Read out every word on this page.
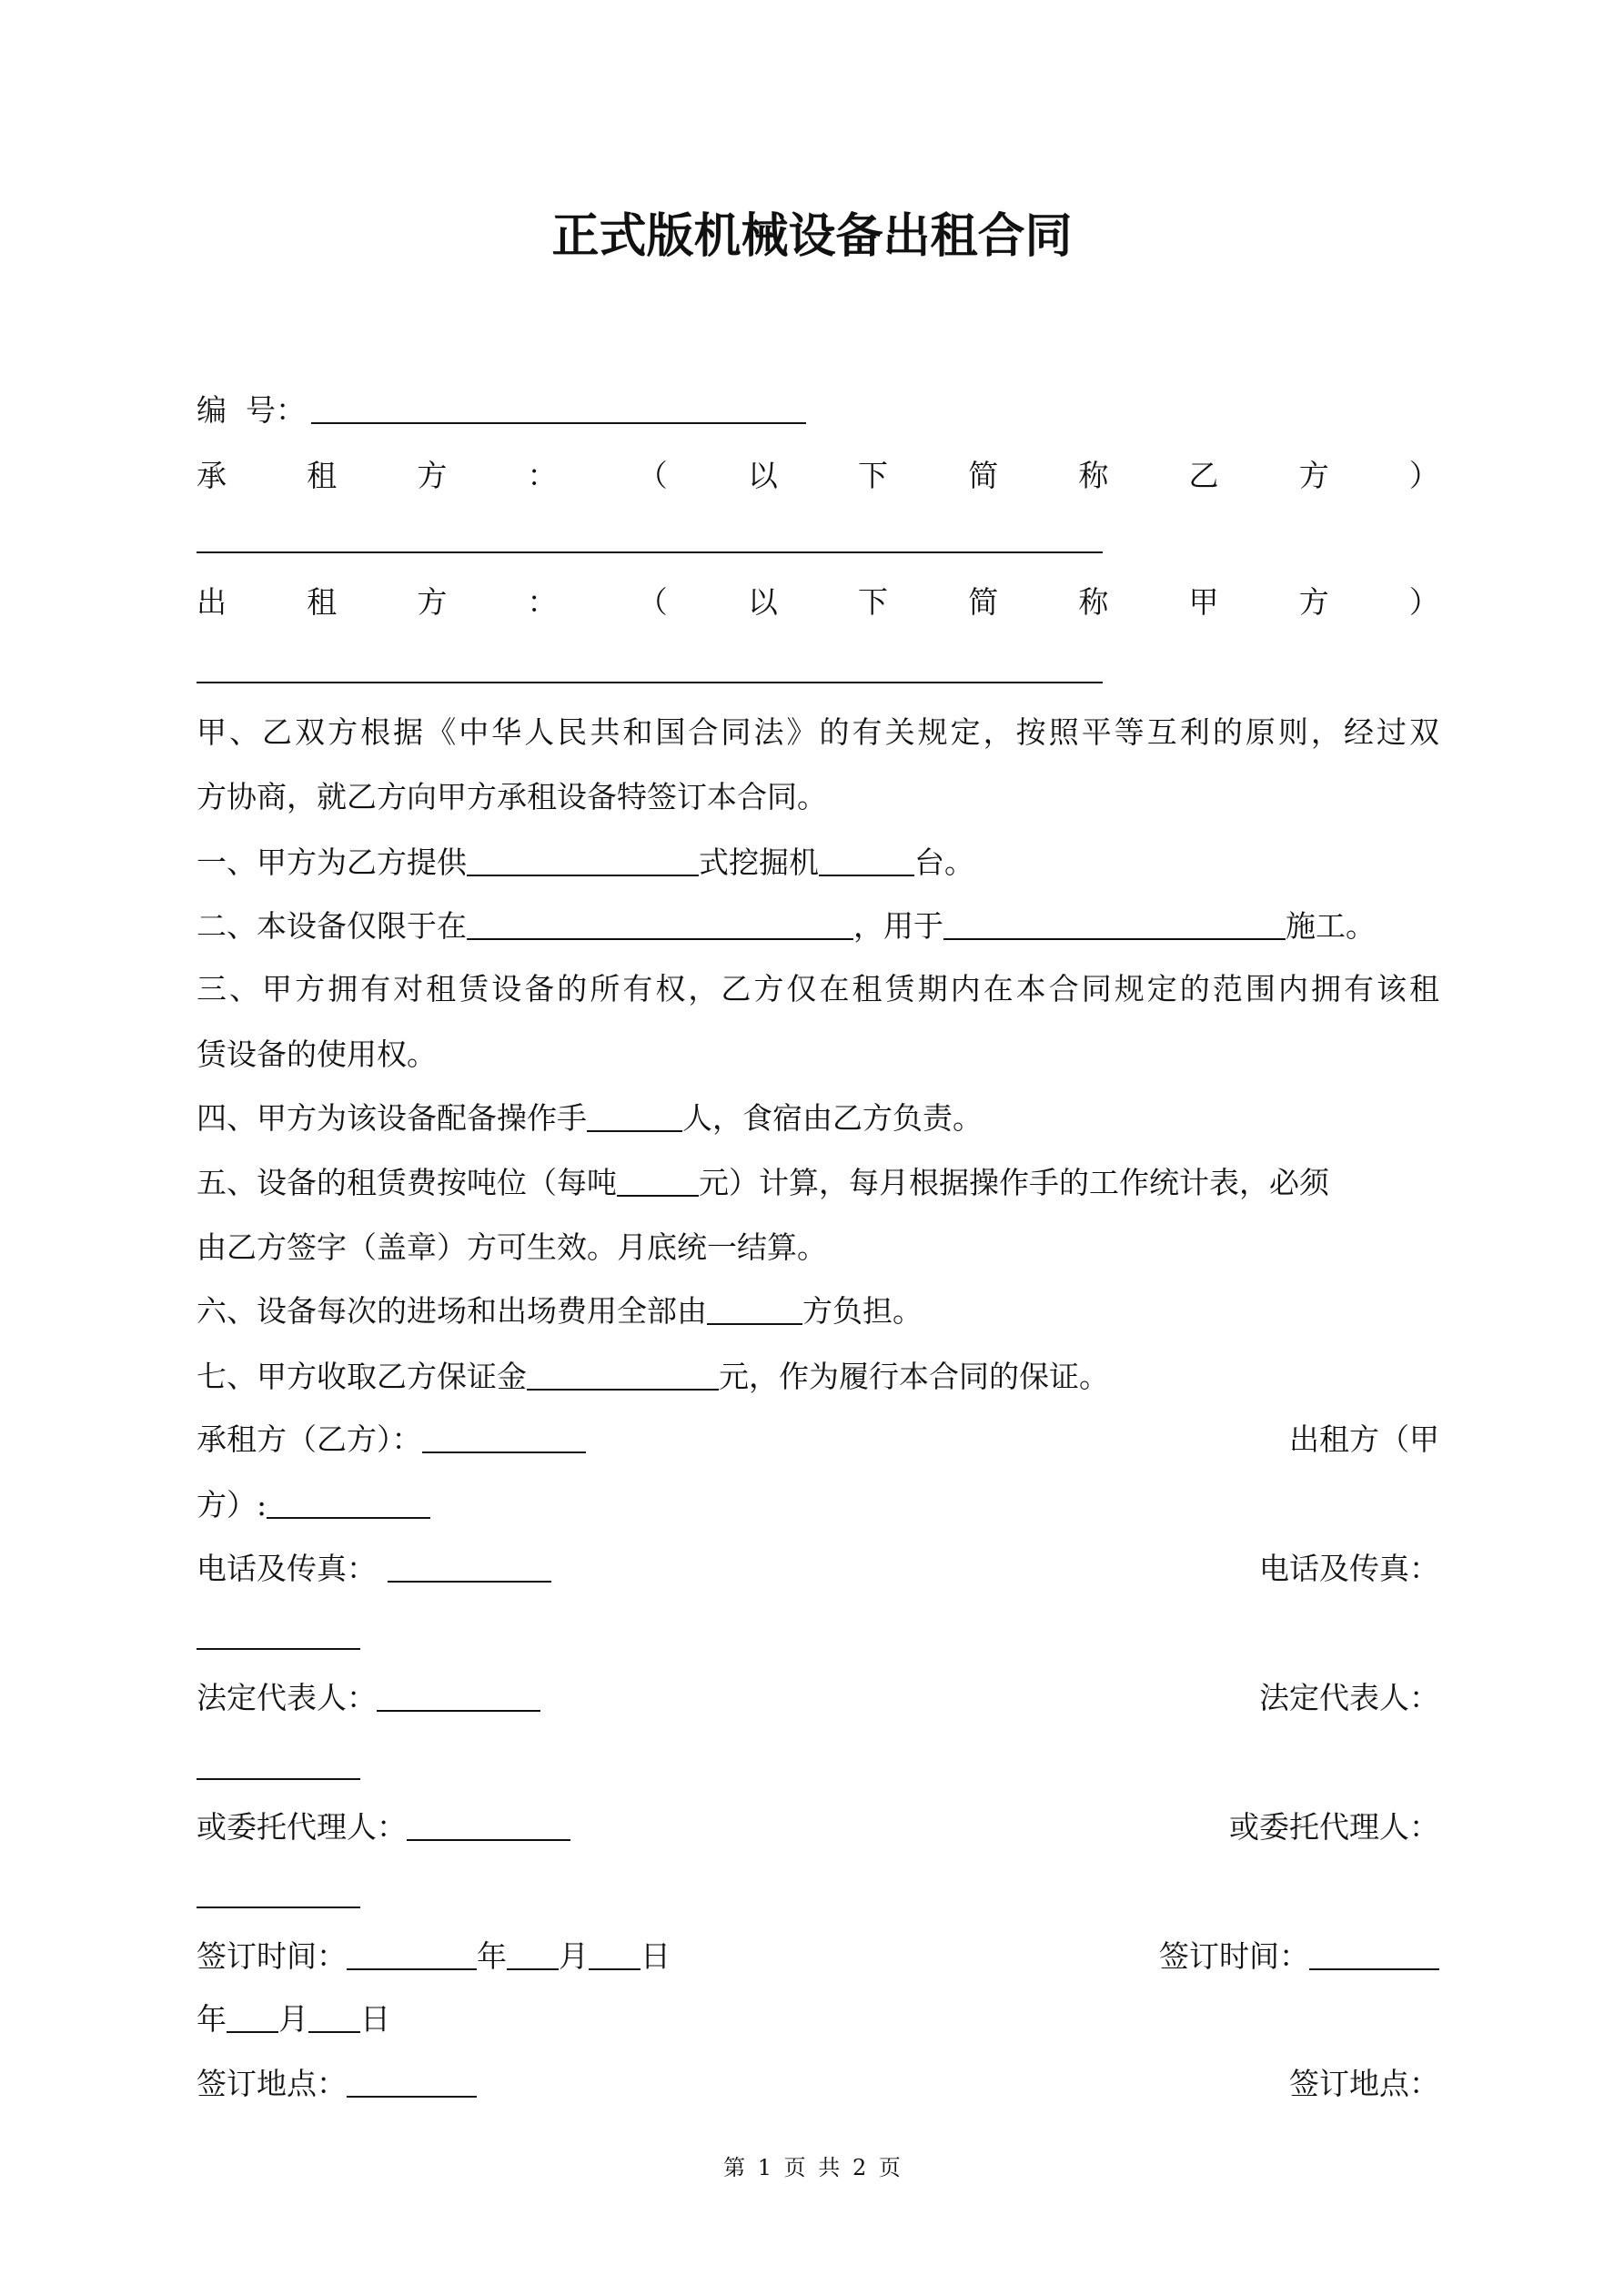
正式版机械设备出租合同
编  号：
承	租	方	：	（	以	下	简	称	乙	方	）
出	租	方	：	（	以	下	简	称	甲	方	）
甲、乙双方根据《中华人民共和国合同法》的有关规定，按照平等互利的原则，经过双
方协商，就乙方向甲方承租设备特签订本合同。
一、甲方为乙方提供	式挖掘机	台。
二、本设备仅限于在	，用于	施工。
三、甲方拥有对租赁设备的所有权，乙方仅在租赁期内在本合同规定的范围内拥有该租
赁设备的使用权。
四、甲方为该设备配备操作手	人，食宿由乙方负责。
五、设备的租赁费按吨位（每吨	元）计算，每月根据操作手的工作统计表，必须
由乙方签字（盖章）方可生效。月底统一结算。
六、设备每次的进场和出场费用全部由	方负担。
七、甲方收取乙方保证金	元，作为履行本合同的保证。
承租方（乙方）：	出租方（甲
方）:
电话及传真：	电话及传真：
法定代表人：	法定代表人：
或委托代理人：	或委托代理人：
签订时间：	年 月 日	签订时间：
年 月 日
签订地点：	签订地点：
第 1 页 共 2 页
